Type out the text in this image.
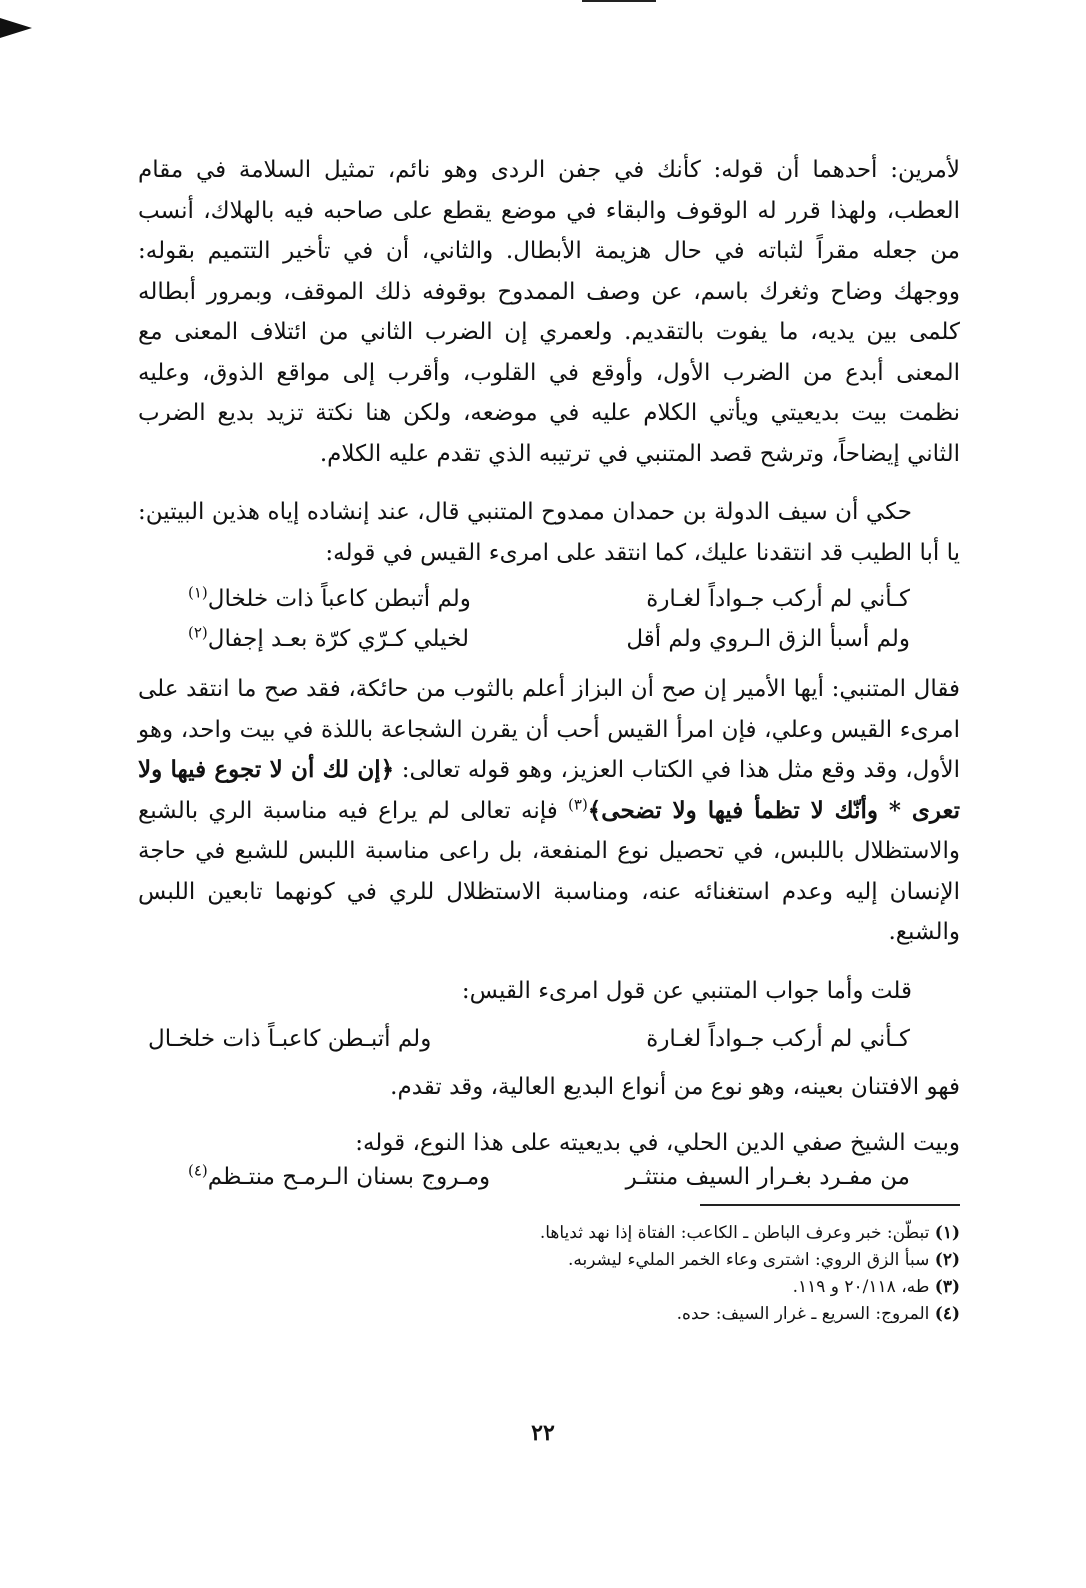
لأمرين: أحدهما أن قوله: كأنك في جفن الردى وهو نائم، تمثيل السلامة في مقام العطب، ولهذا قرر له الوقوف والبقاء في موضع يقطع على صاحبه فيه بالهلاك، أنسب من جعله مقراً لثباته في حال هزيمة الأبطال. والثاني، أن في تأخير التتميم بقوله: ووجهك وضاح وثغرك باسم، عن وصف الممدوح بوقوفه ذلك الموقف، وبمرور أبطاله كلمى بين يديه، ما يفوت بالتقديم. ولعمري إن الضرب الثاني من ائتلاف المعنى مع المعنى أبدع من الضرب الأول، وأوقع في القلوب، وأقرب إلى مواقع الذوق، وعليه نظمت بيت بديعيتي ويأتي الكلام عليه في موضعه، ولكن هنا نكتة تزيد بديع الضرب الثاني إيضاحاً، وترشح قصد المتنبي في ترتيبه الذي تقدم عليه الكلام.

حكي أن سيف الدولة بن حمدان ممدوح المتنبي قال، عند إنشاده إياه هذين البيتين: يا أبا الطيب قد انتقدنا عليك، كما انتقد على امرىء القيس في قوله:

كـأني لم أركب جـواداً لغـارة
ولم أتبطن كاعباً ذات خلخال$^{(١)}$
ولم أسبأ الزق الـروي ولم أقل
لخيلي كـرّي كرّة بعـد إجفال$^{(٢)}$

فقال المتنبي: أيها الأمير إن صح أن البزاز أعلم بالثوب من حائكة، فقد صح ما انتقد على امرىء القيس وعلي، فإن امرأ القيس أحب أن يقرن الشجاعة باللذة في بيت واحد، وهو الأول، وقد وقع مثل هذا في الكتاب العزيز، وهو قوله تعالى: ﴿إن لك أن لا تجوع فيها ولا تعرى * وأنّك لا تظمأ فيها ولا تضحى﴾$^{(٣)}$ فإنه تعالى لم يراع فيه مناسبة الري بالشبع والاستظلال باللبس، في تحصيل نوع المنفعة، بل راعى مناسبة اللبس للشبع في حاجة الإنسان إليه وعدم استغنائه عنه، ومناسبة الاستظلال للري في كونهما تابعين اللبس والشبع.

قلت وأما جواب المتنبي عن قول امرىء القيس:

كـأني لم أركب جـواداً لغـارة
ولم أتبـطن كاعبـاً ذات خلخـال

فهو الافتنان بعينه، وهو نوع من أنواع البديع العالية، وقد تقدم.

وبيت الشيخ صفي الدين الحلي، في بديعيته على هذا النوع، قوله:

من مفـرد بغـرار السيف منتثـر
ومـروج بسنان الـرمـح منتـظم$^{(٤)}$

(١) تبطّن: خبر وعرف الباطن ـ الكاعب: الفتاة إذا نهد ثدياها.

(٢) سبأ الزق الروي: اشترى وعاء الخمر المليء ليشربه.

(٣) طه، ٢٠/١١٨ و ١١٩.

(٤) المروج: السريع ـ غرار السيف: حده.

٢٢
